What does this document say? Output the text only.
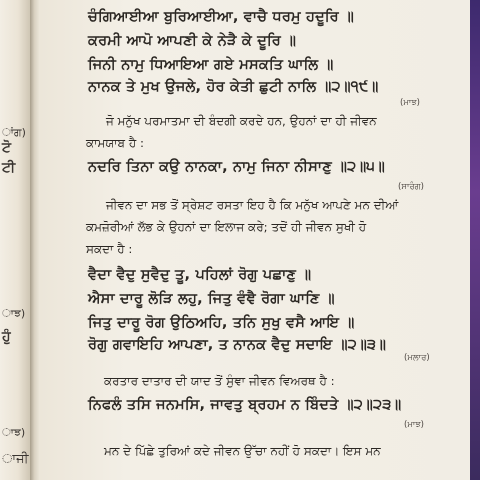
ਾਂਗ)
ਟੋ
ਟੀ
ਾਝ)
ਹੁੰ
ਾਝ)
ਾਜੀ
ਚੰਗਿਆਈਆ ਬੁਰਿਆਈਆ, ਵਾਚੈ ਧਰਮੁ ਹਦੂਰਿ ॥
ਕਰਮੀ ਆਪੋ ਆਪਣੀ ਕੇ ਨੇੜੈ ਕੇ ਦੂਰਿ ॥
ਜਿਨੀ ਨਾਮੁ ਧਿਆਇਆ ਗਏ ਮਸਕਤਿ ਘਾਲਿ ॥
ਨਾਨਕ ਤੇ ਮੁਖ ਉਜਲੇ, ਹੋਰ ਕੇਤੀ ਛੁਟੀ ਨਾਲਿ ॥੨॥੧੯॥
(ਮਾਝ)
ਜੋ ਮਨੁੱਖ ਪਰਮਾਤਮਾ ਦੀ ਬੰਦਗੀ ਕਰਦੇ ਹਨ, ਉਹਨਾਂ ਦਾ ਹੀ ਜੀਵਨ
ਕਾਮਯਾਬ ਹੈ :
ਨਦਰਿ ਤਿਨਾ ਕਉ ਨਾਨਕਾ, ਨਾਮੁ ਜਿਨਾ ਨੀਸਾਣੁ ॥੨॥੫॥
(ਸਾਰੰਗ)
ਜੀਵਨ ਦਾ ਸਭ ਤੋਂ ਸ੍ਰੇਸ਼ਟ ਰਸਤਾ ਇਹ ਹੈ ਕਿ ਮਨੁੱਖ ਆਪਣੇ ਮਨ ਦੀਆਂ
ਕਮਜ਼ੋਰੀਆਂ ਲੱਭ ਕੇ ਉਹਨਾਂ ਦਾ ਇਲਾਜ ਕਰੇ; ਤਦੋਂ ਹੀ ਜੀਵਨ ਸੁਖੀ ਹੋ
ਸਕਦਾ ਹੈ :
ਵੈਦਾ ਵੈਦੁ ਸੁਵੈਦੁ ਤੂ, ਪਹਿਲਾਂ ਰੋਗੁ ਪਛਾਣੁ ॥
ਐਸਾ ਦਾਰੂ ਲੋੜਿ ਲਹੁ, ਜਿਤੁ ਵੰਞੈ ਰੋਗਾ ਘਾਣਿ ॥
ਜਿਤੁ ਦਾਰੂ ਰੋਗ ਉਠਿਅਹਿ, ਤਨਿ ਸੁਖੁ ਵਸੈ ਆਇ ॥
ਰੋਗੁ ਗਵਾਇਹਿ ਆਪਣਾ, ਤ ਨਾਨਕ ਵੈਦੁ ਸਦਾਇ ॥੨॥੩॥
(ਮਲਾਰ)
ਕਰਤਾਰ ਦਾਤਾਰ ਦੀ ਯਾਦ ਤੋਂ ਸੁੰਞਾ ਜੀਵਨ ਵਿਅਰਥ ਹੈ :
ਨਿਫਲੰ ਤਸਿ ਜਨਮਸਿ, ਜਾਵਤੁ ਬ੍ਰਹਮ ਨ ਬਿੰਦਤੇ ॥੨॥੨੩॥
(ਮਾਝ)
ਮਨ ਦੇ ਪਿੱਛੇ ਤੁਰਿਆਂ ਕਦੇ ਜੀਵਨ ਉੱਚਾ ਨਹੀਂ ਹੋ ਸਕਦਾ। ਇਸ ਮਨ
